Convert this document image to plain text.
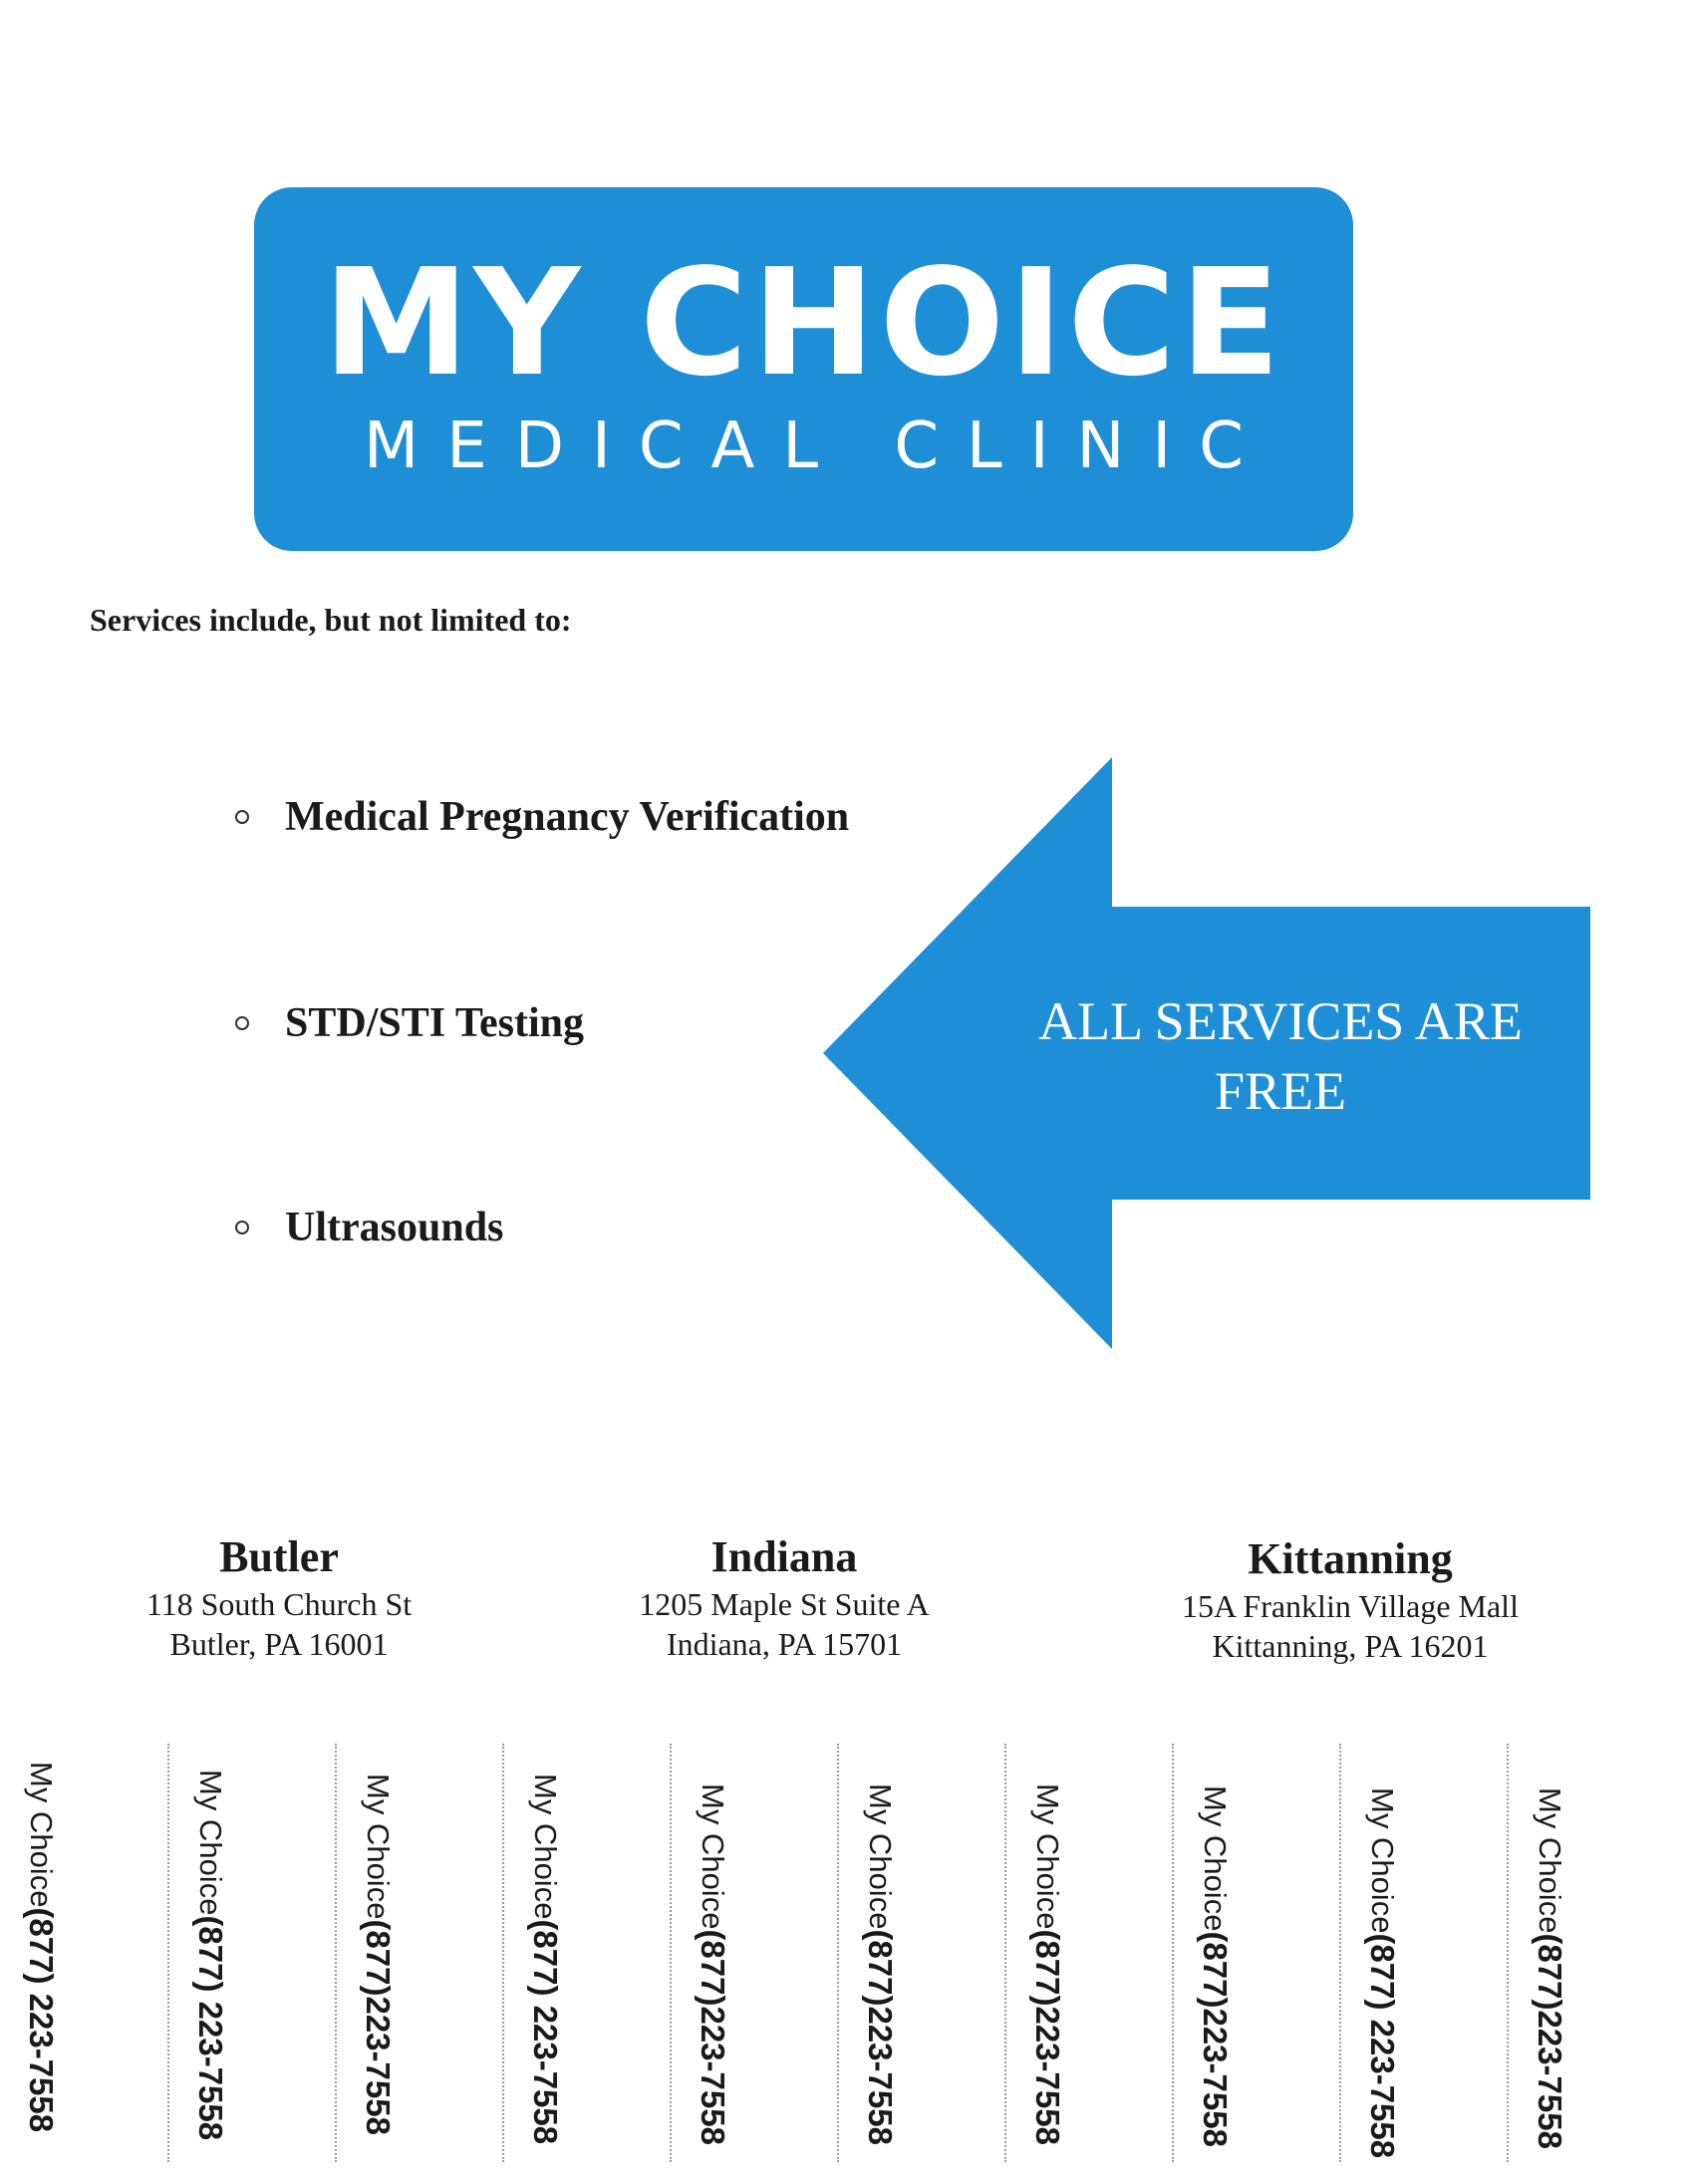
MY CHOICE
MEDICAL CLINIC
Services include, but not limited to:
Medical Pregnancy Verification
STD/STI Testing
Ultrasounds
ALL SERVICES ARE
FREE
Butler
118 South Church St
Butler, PA 16001
Indiana
1205 Maple St Suite A
Indiana, PA 15701
Kittanning
15A Franklin Village Mall
Kittanning, PA 16201
My Choice(877) 223-7558
My Choice(877) 223-7558
My Choice(877)223-7558
My Choice(877) 223-7558
My Choice(877)223-7558
My Choice(877)223-7558
My Choice(877)223-7558
My Choice(877)223-7558
My Choice(877) 223-7558
My Choice(877)223-7558
